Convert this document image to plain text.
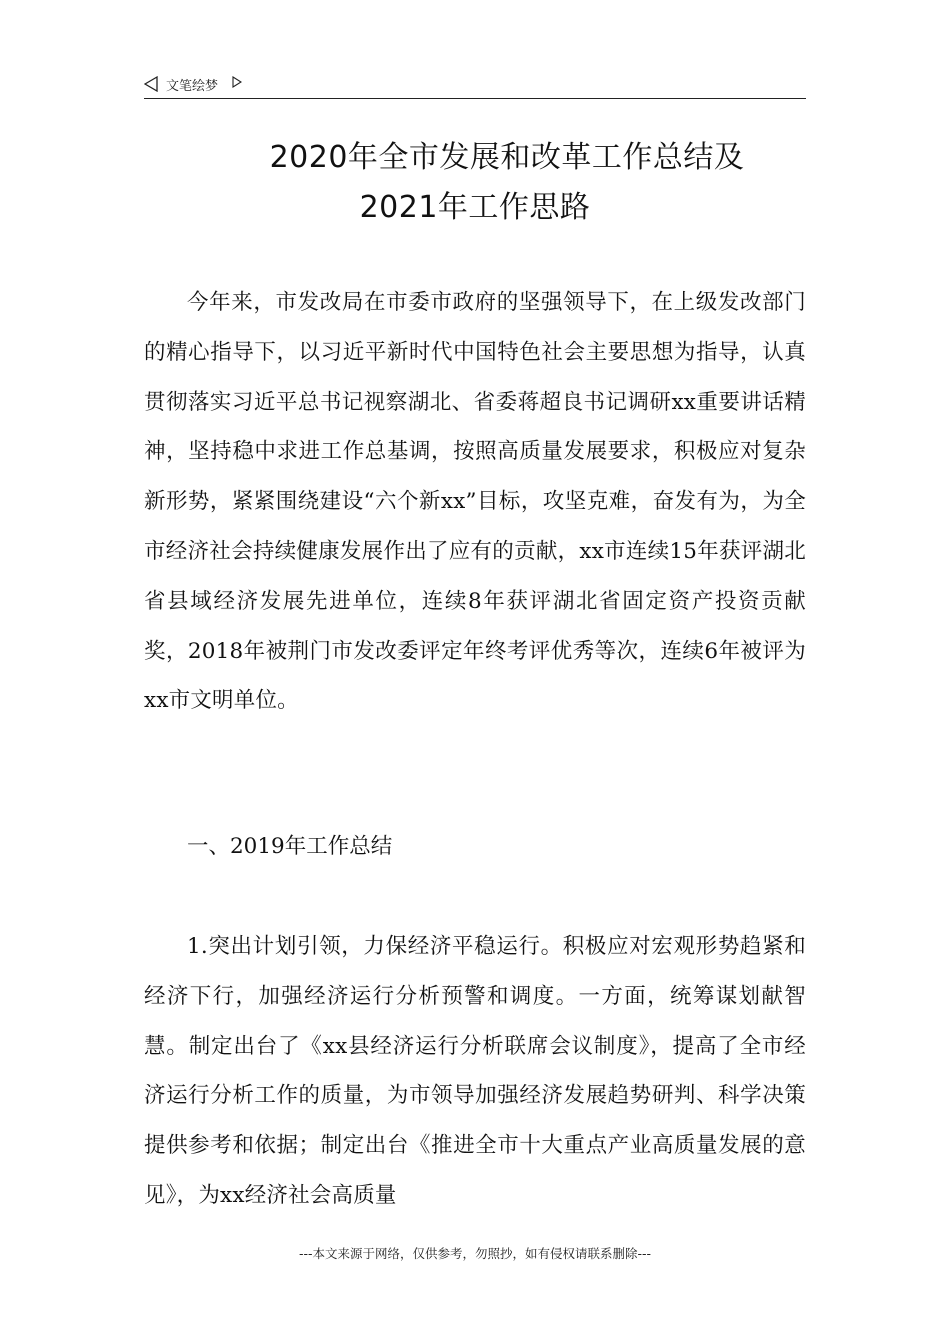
文笔绘梦
2020年全市发展和改革工作总结及
2021年工作思路
今年来，市发改局在市委市政府的坚强领导下，在上级发改部门的精心指导下，以习近平新时代中国特色社会主要思想为指导，认真贯彻落实习近平总书记视察湖北、省委蒋超良书记调研xx重要讲话精神，坚持稳中求进工作总基调，按照高质量发展要求，积极应对复杂新形势，紧紧围绕建设“六个新xx”目标，攻坚克难，奋发有为，为全市经济社会持续健康发展作出了应有的贡献，xx市连续15年获评湖北省县域经济发展先进单位，连续8年获评湖北省固定资产投资贡献奖，2018年被荆门市发改委评定年终考评优秀等次，连续6年被评为xx市文明单位。
一、2019年工作总结
1.突出计划引领，力保经济平稳运行。积极应对宏观形势趋紧和经济下行，加强经济运行分析预警和调度。一方面，统筹谋划献智慧。制定出台了《xx县经济运行分析联席会议制度》，提高了全市经济运行分析工作的质量，为市领导加强经济发展趋势研判、科学决策提供参考和依据；制定出台《推进全市十大重点产业高质量发展的意见》，为xx经济社会高质量
---本文来源于网络，仅供参考，勿照抄，如有侵权请联系删除---
